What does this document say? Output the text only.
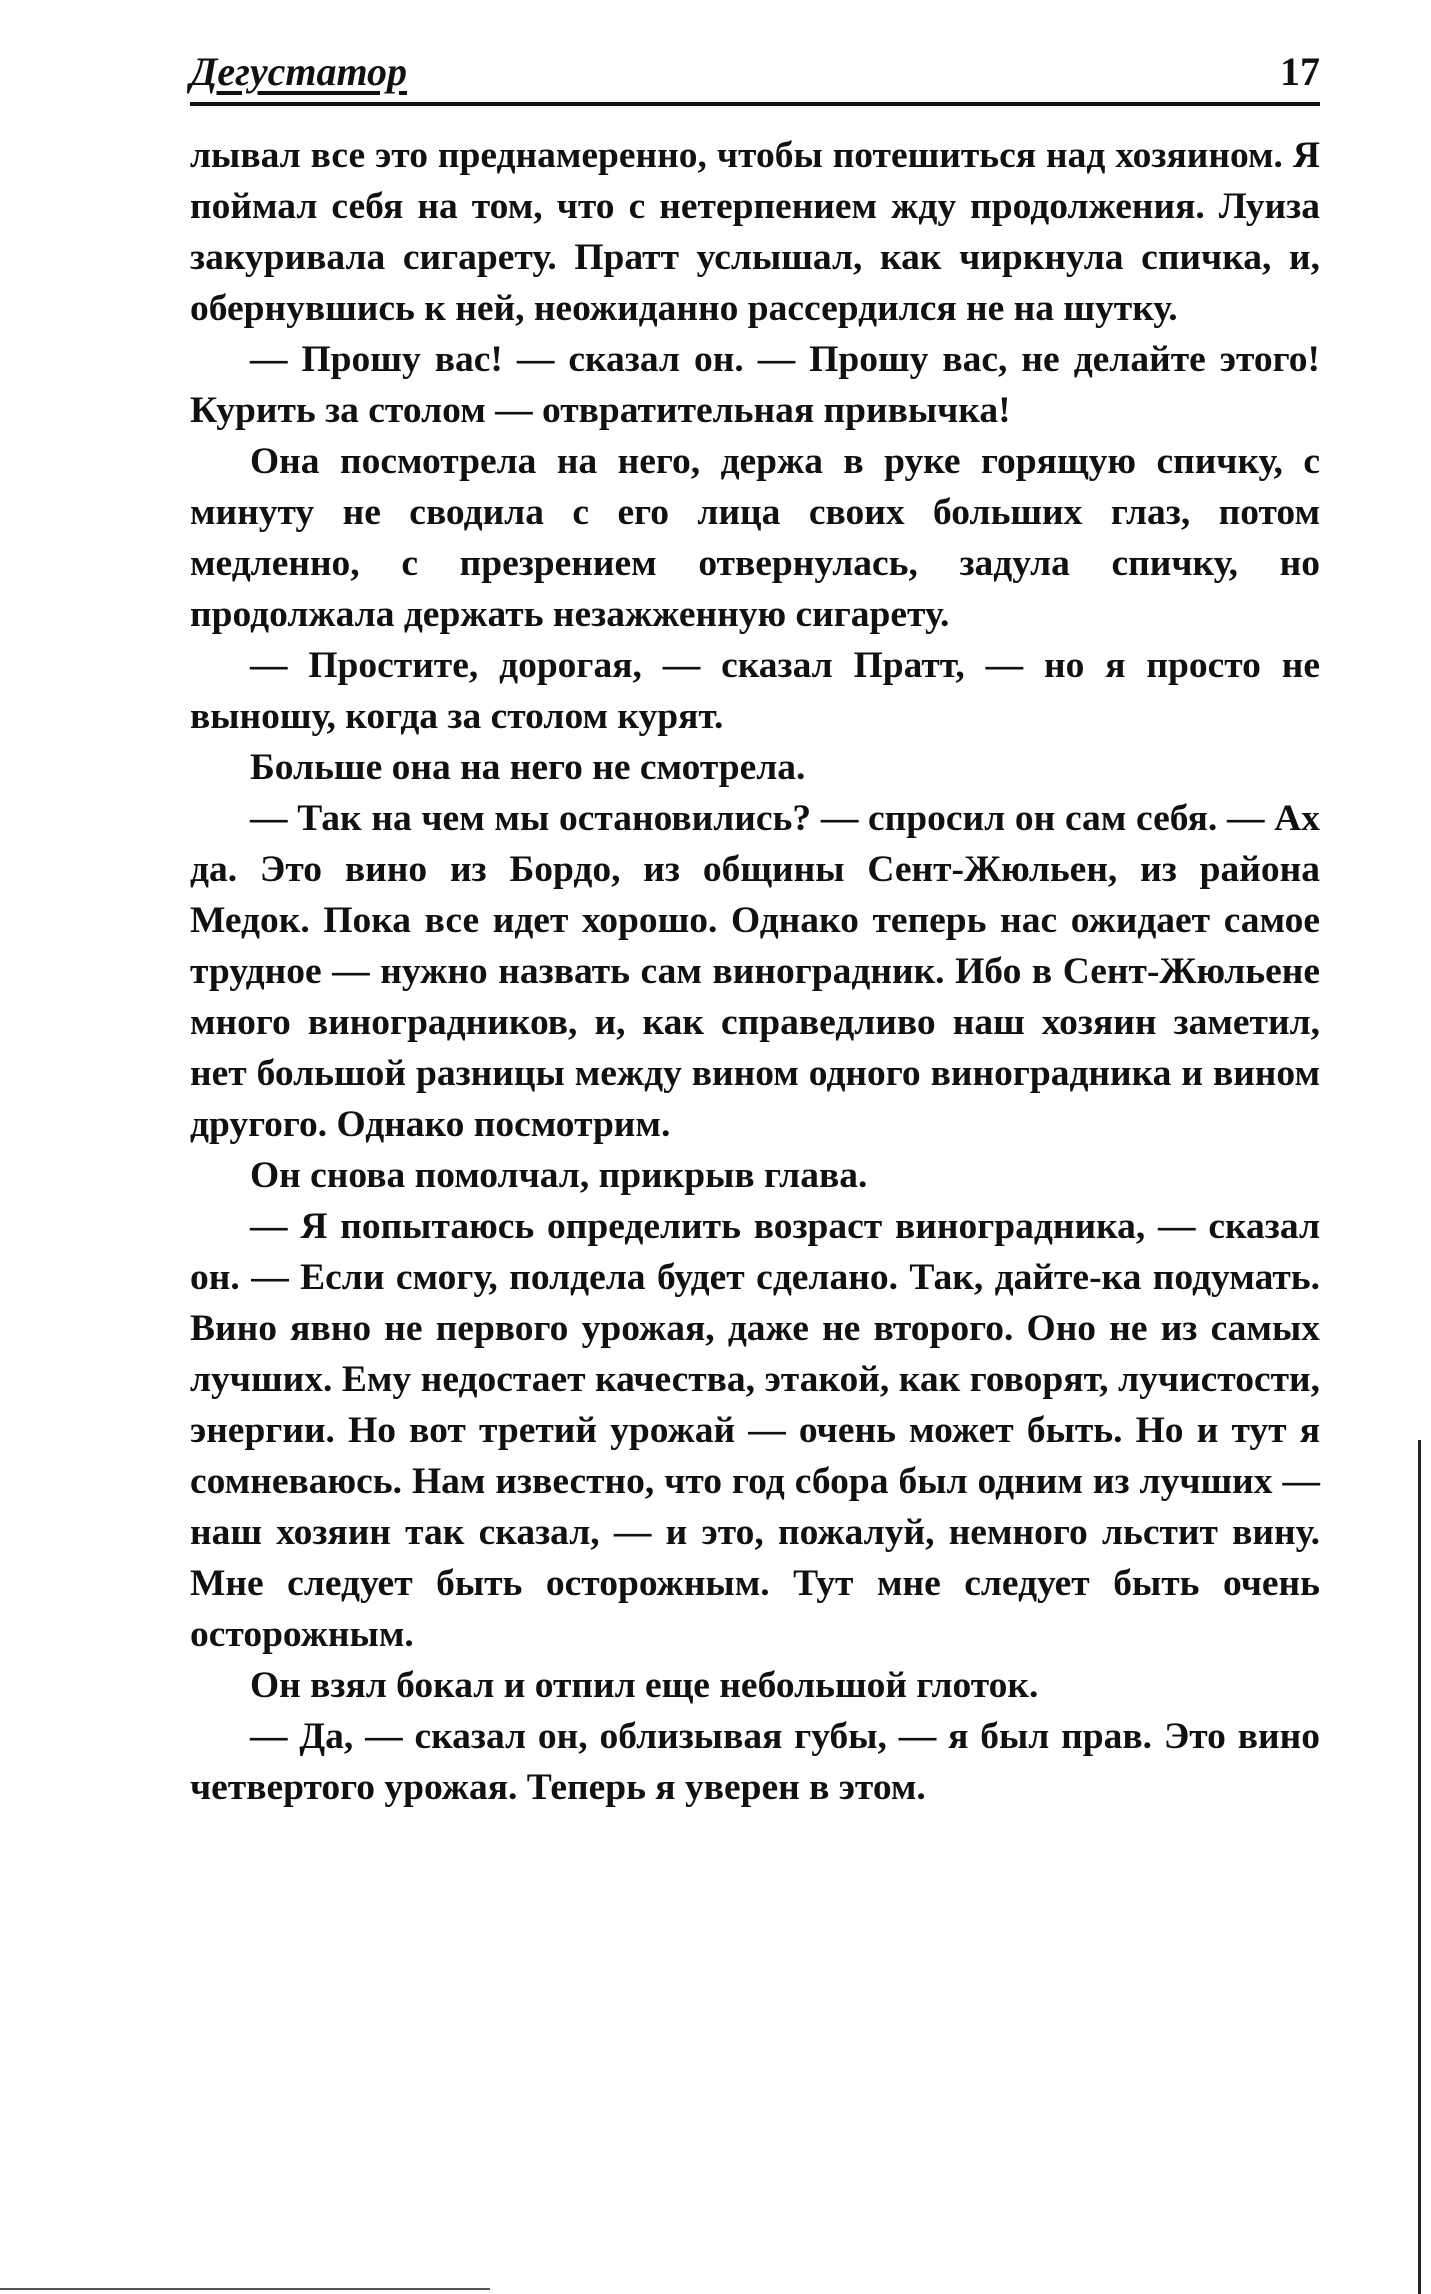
Дегустатор	17

лывал все это преднамеренно, чтобы потешиться над хозяином. Я поймал себя на том, что с нетерпением жду продолжения. Луиза закуривала сигарету. Пратт услышал, как чиркнула спичка, и, обернувшись к ней, неожиданно рассердился не на шутку.

— Прошу вас! — сказал он. — Прошу вас, не делайте этого! Курить за столом — отвратительная привычка!

Она посмотрела на него, держа в руке горящую спичку, с минуту не сводила с его лица своих больших глаз, потом медленно, с презрением отвернулась, задула спичку, но продолжала держать незажженную сигарету.

— Простите, дорогая, — сказал Пратт, — но я просто не выношу, когда за столом курят.

Больше она на него не смотрела.

— Так на чем мы остановились? — спросил он сам себя. — Ах да. Это вино из Бордо, из общины Сент-Жюльен, из района Медок. Пока все идет хорошо. Однако теперь нас ожидает самое трудное — нужно назвать сам виноградник. Ибо в Сент-Жюльене много виноградников, и, как справедливо наш хозяин заметил, нет большой разницы между вином одного виноградника и вином другого. Однако посмотрим.

Он снова помолчал, прикрыв глава.

— Я попытаюсь определить возраст виноградника, — сказал он. — Если смогу, полдела будет сделано. Так, дайте-ка подумать. Вино явно не первого урожая, даже не второго. Оно не из самых лучших. Ему недостает качества, этакой, как говорят, лучистости, энергии. Но вот третий урожай — очень может быть. Но и тут я сомневаюсь. Нам известно, что год сбора был одним из лучших — наш хозяин так сказал, — и это, пожалуй, немного льстит вину. Мне следует быть осторожным. Тут мне следует быть очень осторожным.

Он взял бокал и отпил еще небольшой глоток.

— Да, — сказал он, облизывая губы, — я был прав. Это вино четвертого урожая. Теперь я уверен в этом.
